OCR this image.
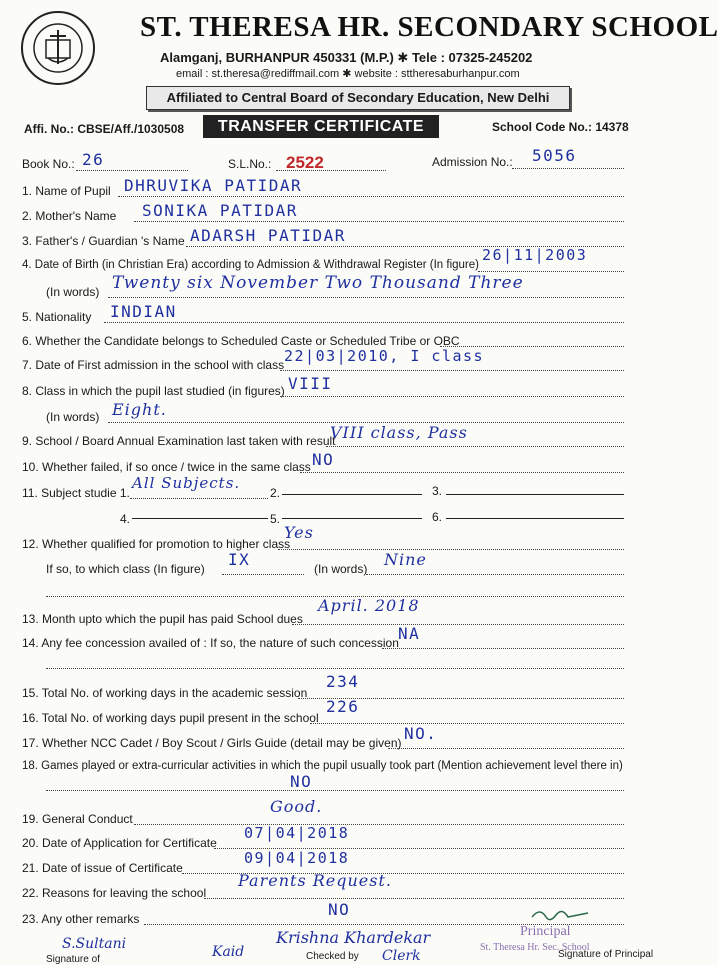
ST. THERESA HR. SECONDARY SCHOOL
Alamganj, BURHANPUR 450331 (M.P.) ✱ Tele : 07325-245202
email : st.theresa@rediffmail.com ✱ website : sttheresaburhanpur.com
Affiliated to Central Board of Secondary Education, New Delhi
Affi. No.: CBSE/Aff./1030508	TRANSFER CERTIFICATE	School Code No.: 14378
Book No.: 26	S.L.No.: 2522	Admission No.: 5056
1. Name of Pupil DHRUVIKA PATIDAR
2. Mother's Name SONIKA PATIDAR
3. Father's / Guardian 's Name ADARSH PATIDAR
4. Date of Birth (in Christian Era) according to Admission & Withdrawal Register (In figure)
26|11|2003
(In words) Twenty six November Two Thousand Three
5. Nationality INDIAN
6. Whether the Candidate belongs to Scheduled Caste or Scheduled Tribe or OBC
7. Date of First admission in the school with class 22|03|2010, I class
8. Class in which the pupil last studied (in figures) VIII
(In words) Eight.
9. School / Board Annual Examination last taken with result
VIII class, Pass
10. Whether failed, if so once / twice in the same class NO
11. Subject studie 1.
All Subjects.
2.	3.
4.	5.	6.
12. Whether qualified for promotion to higher class
Yes
If so, to which class (In figure) IX	(In words) Nine
13. Month upto which the pupil has paid School dues
April. 2018
14. Any fee concession availed of : If so, the nature of such concession NA
15. Total No. of working days in the academic session
234
16. Total No. of working days pupil present in the school
226
17. Whether NCC Cadet / Boy Scout / Girls Guide (detail may be given) NO.
18. Games played or extra-curricular activities in which the pupil usually took part (Mention achievement level there in)
NO
19. General Conduct
Good.
20. Date of Application for Certificate
07|04|2018
21. Date of issue of Certificate
09|04|2018
22. Reasons for leaving the school
Parents Request.
23. Any other remarks	NO
S.Sultani
Signature of	Kaid
Krishna Khardekar
Clerk
Checked by
Principal
St. Theresa Hr. Sec. School
Signature of Principal
